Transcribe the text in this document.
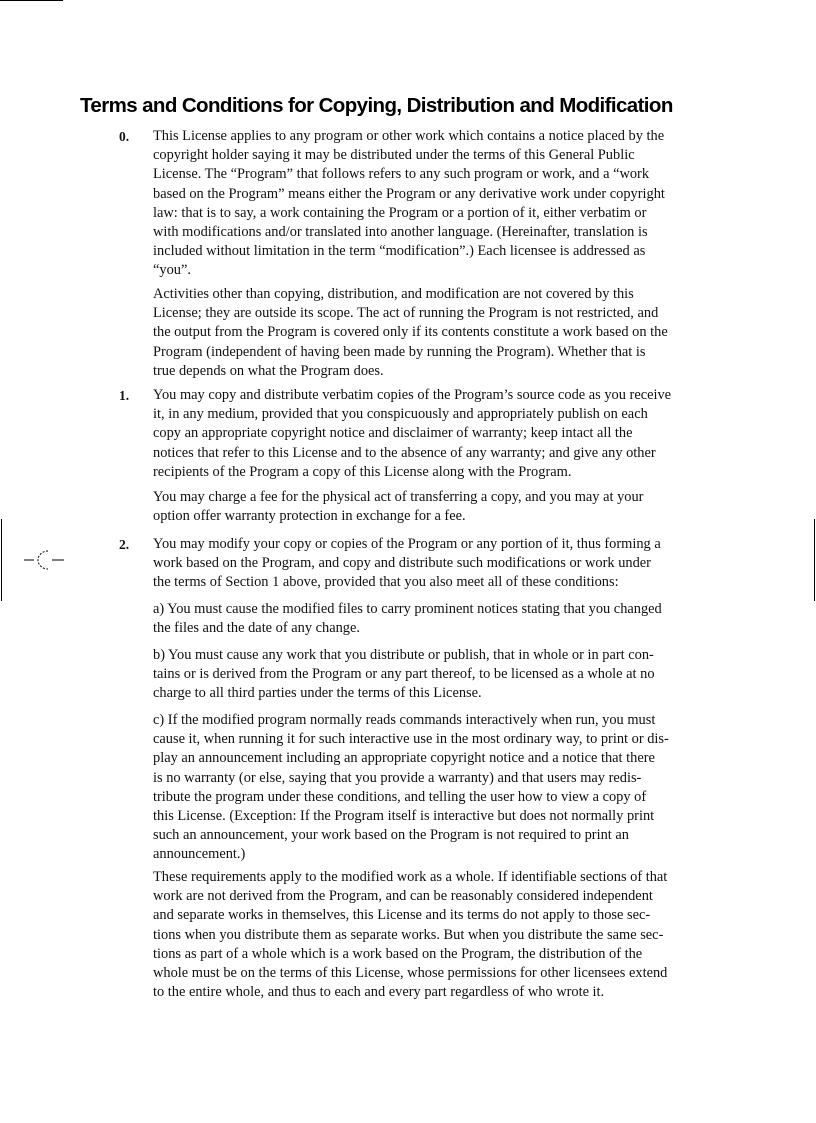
Terms and Conditions for Copying, Distribution and Modification
0. This License applies to any program or other work which contains a notice placed by the
copyright holder saying it may be distributed under the terms of this General Public
License. The “Program” that follows refers to any such program or work, and a “work
based on the Program” means either the Program or any derivative work under copyright
law: that is to say, a work containing the Program or a portion of it, either verbatim or
with modifications and/or translated into another language. (Hereinafter, translation is
included without limitation in the term “modification”.) Each licensee is addressed as
“you”.
Activities other than copying, distribution, and modification are not covered by this
License; they are outside its scope. The act of running the Program is not restricted, and
the output from the Program is covered only if its contents constitute a work based on the
Program (independent of having been made by running the Program). Whether that is
true depends on what the Program does.
1. You may copy and distribute verbatim copies of the Program’s source code as you receive
it, in any medium, provided that you conspicuously and appropriately publish on each
copy an appropriate copyright notice and disclaimer of warranty; keep intact all the
notices that refer to this License and to the absence of any warranty; and give any other
recipients of the Program a copy of this License along with the Program.
You may charge a fee for the physical act of transferring a copy, and you may at your
option offer warranty protection in exchange for a fee.
2. You may modify your copy or copies of the Program or any portion of it, thus forming a
work based on the Program, and copy and distribute such modifications or work under
the terms of Section 1 above, provided that you also meet all of these conditions:
a) You must cause the modified files to carry prominent notices stating that you changed
the files and the date of any change.
b) You must cause any work that you distribute or publish, that in whole or in part con-
tains or is derived from the Program or any part thereof, to be licensed as a whole at no
charge to all third parties under the terms of this License.
c) If the modified program normally reads commands interactively when run, you must
cause it, when running it for such interactive use in the most ordinary way, to print or dis-
play an announcement including an appropriate copyright notice and a notice that there
is no warranty (or else, saying that you provide a warranty) and that users may redis-
tribute the program under these conditions, and telling the user how to view a copy of
this License. (Exception: If the Program itself is interactive but does not normally print
such an announcement, your work based on the Program is not required to print an
announcement.)
These requirements apply to the modified work as a whole. If identifiable sections of that
work are not derived from the Program, and can be reasonably considered independent
and separate works in themselves, this License and its terms do not apply to those sec-
tions when you distribute them as separate works. But when you distribute the same sec-
tions as part of a whole which is a work based on the Program, the distribution of the
whole must be on the terms of this License, whose permissions for other licensees extend
to the entire whole, and thus to each and every part regardless of who wrote it.
